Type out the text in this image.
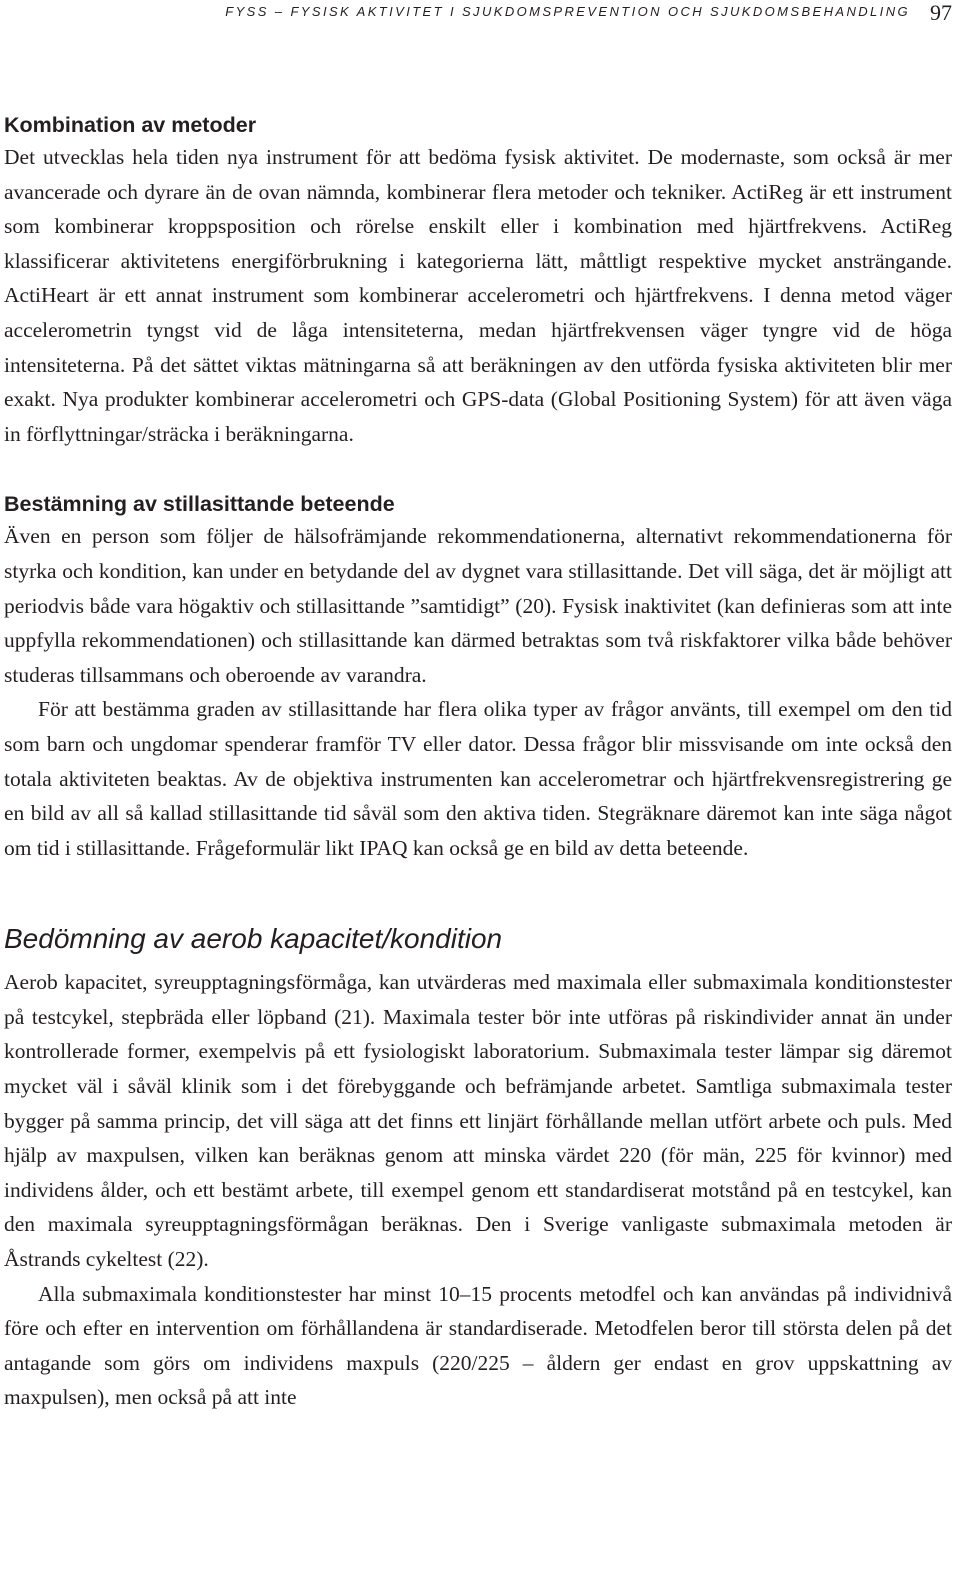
FYSS – FYSISK AKTIVITET I SJUKDOMSPREVENTION OCH SJUKDOMSBEHANDLING 97
Kombination av metoder

Det utvecklas hela tiden nya instrument för att bedöma fysisk aktivitet. De modernaste, som också är mer avancerade och dyrare än de ovan nämnda, kombinerar flera metoder och tekniker. ActiReg är ett instrument som kombinerar kroppsposition och rörelse enskilt eller i kombination med hjärtfrekvens. ActiReg klassificerar aktivitetens energiförbrukning i kategorierna lätt, måttligt respektive mycket ansträngande. ActiHeart är ett annat instrument som kombinerar accelerometri och hjärtfrekvens. I denna metod väger accelerometrin tyngst vid de låga intensiteterna, medan hjärtfrekvensen väger tyngre vid de höga intensiteterna. På det sättet viktas mätningarna så att beräkningen av den utförda fysiska aktiviteten blir mer exakt. Nya produkter kombinerar accelerometri och GPS-data (Global Positioning System) för att även väga in förflyttningar/sträcka i beräkningarna.

Bestämning av stillasittande beteende

Även en person som följer de hälsofrämjande rekommendationerna, alternativt rekommendationerna för styrka och kondition, kan under en betydande del av dygnet vara stillasittande. Det vill säga, det är möjligt att periodvis både vara högaktiv och stillasittande ”samtidigt” (20). Fysisk inaktivitet (kan definieras som att inte uppfylla rekommendationen) och stillasittande kan därmed betraktas som två riskfaktorer vilka både behöver studeras tillsammans och oberoende av varandra.

För att bestämma graden av stillasittande har flera olika typer av frågor använts, till exempel om den tid som barn och ungdomar spenderar framför TV eller dator. Dessa frågor blir missvisande om inte också den totala aktiviteten beaktas. Av de objektiva instrumenten kan accelerometrar och hjärtfrekvensregistrering ge en bild av all så kallad stillasittande tid såväl som den aktiva tiden. Stegräknare däremot kan inte säga något om tid i stillasittande. Frågeformulär likt IPAQ kan också ge en bild av detta beteende.

Bedömning av aerob kapacitet/kondition

Aerob kapacitet, syreupptagningsförmåga, kan utvärderas med maximala eller submaximala konditionstester på testcykel, stepbräda eller löpband (21). Maximala tester bör inte utföras på riskindivider annat än under kontrollerade former, exempelvis på ett fysiologiskt laboratorium. Submaximala tester lämpar sig däremot mycket väl i såväl klinik som i det förebyggande och befrämjande arbetet. Samtliga submaximala tester bygger på samma princip, det vill säga att det finns ett linjärt förhållande mellan utfört arbete och puls. Med hjälp av maxpulsen, vilken kan beräknas genom att minska värdet 220 (för män, 225 för kvinnor) med individens ålder, och ett bestämt arbete, till exempel genom ett standardiserat motstånd på en testcykel, kan den maximala syreupptagningsförmågan beräknas. Den i Sverige vanligaste submaximala metoden är Åstrands cykeltest (22).

Alla submaximala konditionstester har minst 10–15 procents metodfel och kan användas på individnivå före och efter en intervention om förhållandena är standardiserade. Metodfelen beror till största delen på det antagande som görs om individens maxpuls (220/225 – åldern ger endast en grov uppskattning av maxpulsen), men också på att inte
